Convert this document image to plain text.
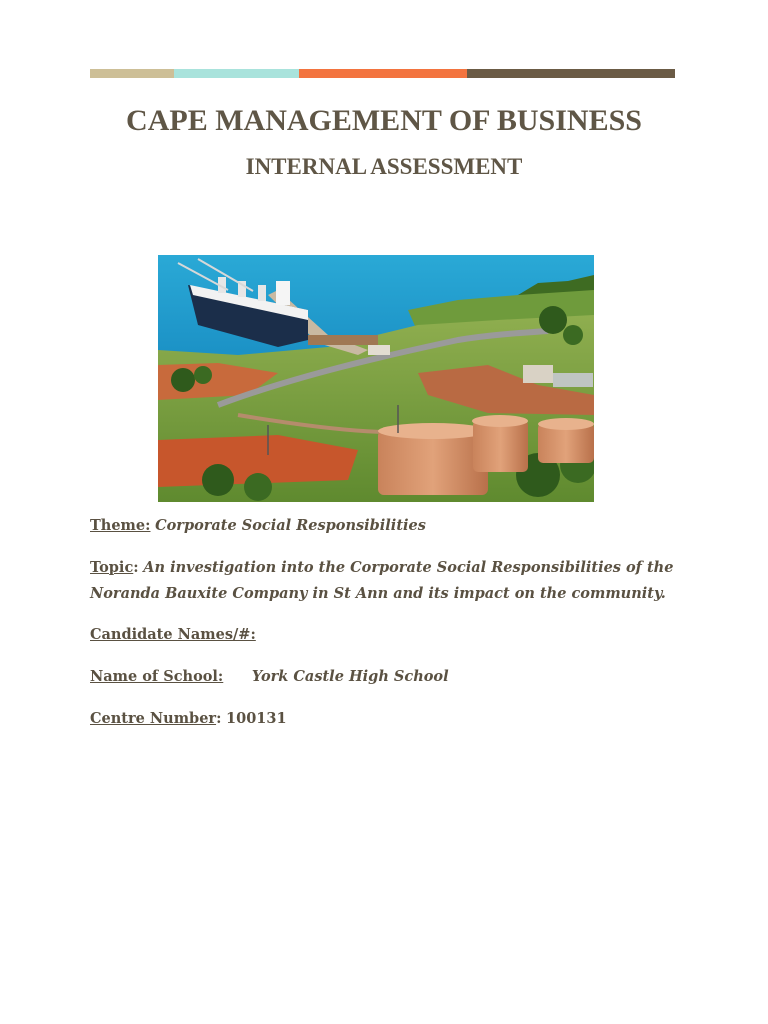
CAPE MANAGEMENT OF BUSINESS
INTERNAL ASSESSMENT
Theme: Corporate Social Responsibilities
Topic: An investigation into the Corporate Social Responsibilities of the Noranda Bauxite Company in St Ann and its impact on the community.
Candidate Names/#:
Name of School: York Castle High School
Centre Number: 100131
